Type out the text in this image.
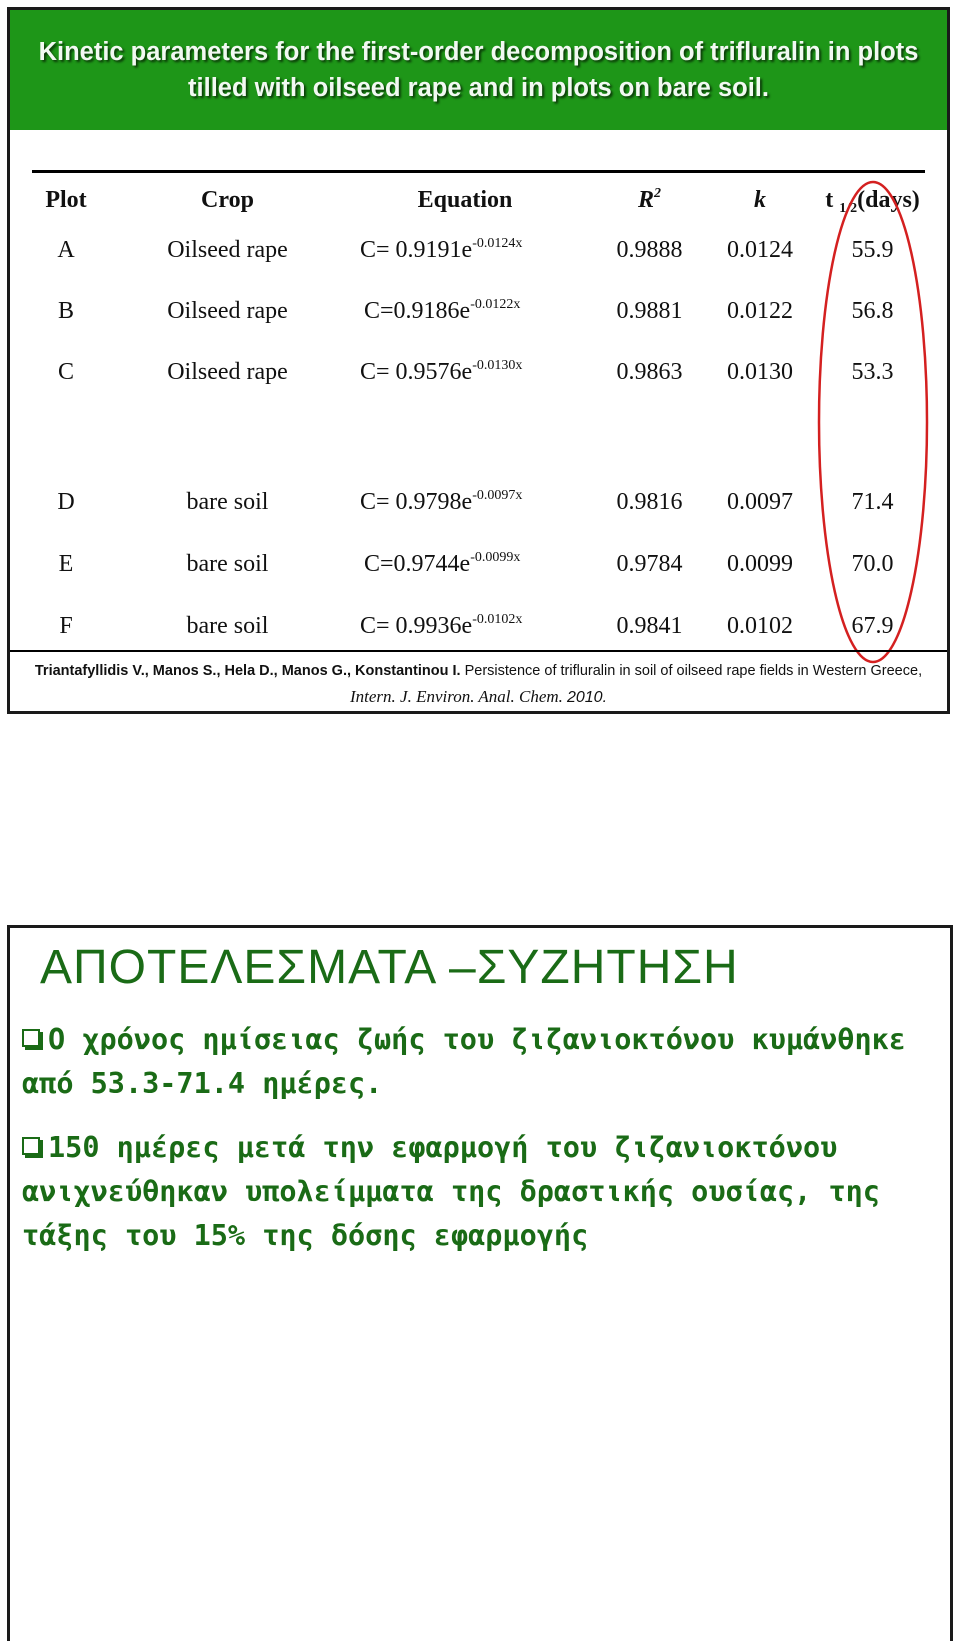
Kinetic parameters for the first-order decomposition of trifluralin in plots tilled with oilseed rape and in plots on bare soil.
Plot	Crop	Equation	$R^2$	k	t $_{1/2}$(days)
A	Oilseed rape	$C= 0.9191e^{-0.0124x}$	0.9888	0.0124	55.9
B	Oilseed rape	$C=0.9186e^{-0.0122x}$	0.9881	0.0122	56.8
C	Oilseed rape	$C= 0.9576e^{-0.0130x}$	0.9863	0.0130	53.3
D	bare soil	$C= 0.9798e^{-0.0097x}$	0.9816	0.0097	71.4
E	bare soil	$C=0.9744e^{-0.0099x}$	0.9784	0.0099	70.0
F	bare soil	$C= 0.9936e^{-0.0102x}$	0.9841	0.0102	67.9
Triantafyllidis V., Manos S., Hela D., Manos G., Konstantinou I. Persistence of trifluralin in soil of oilseed rape fields in Western Greece, Intern. J. Environ. Anal. Chem. 2010.
ΑΠΟΤΕΛΕΣΜΑΤΑ –ΣΥΖΗΤΗΣΗ

Ο χρόνος ημίσειας ζωής του ζιζανιοκτόνου κυμάνθηκε από 53.3-71.4 ημέρες.

150 ημέρες μετά την εφαρμογή του ζιζανιοκτόνου ανιχνεύθηκαν υπολείμματα της δραστικής ουσίας, της τάξης του 15% της δόσης εφαρμογής
